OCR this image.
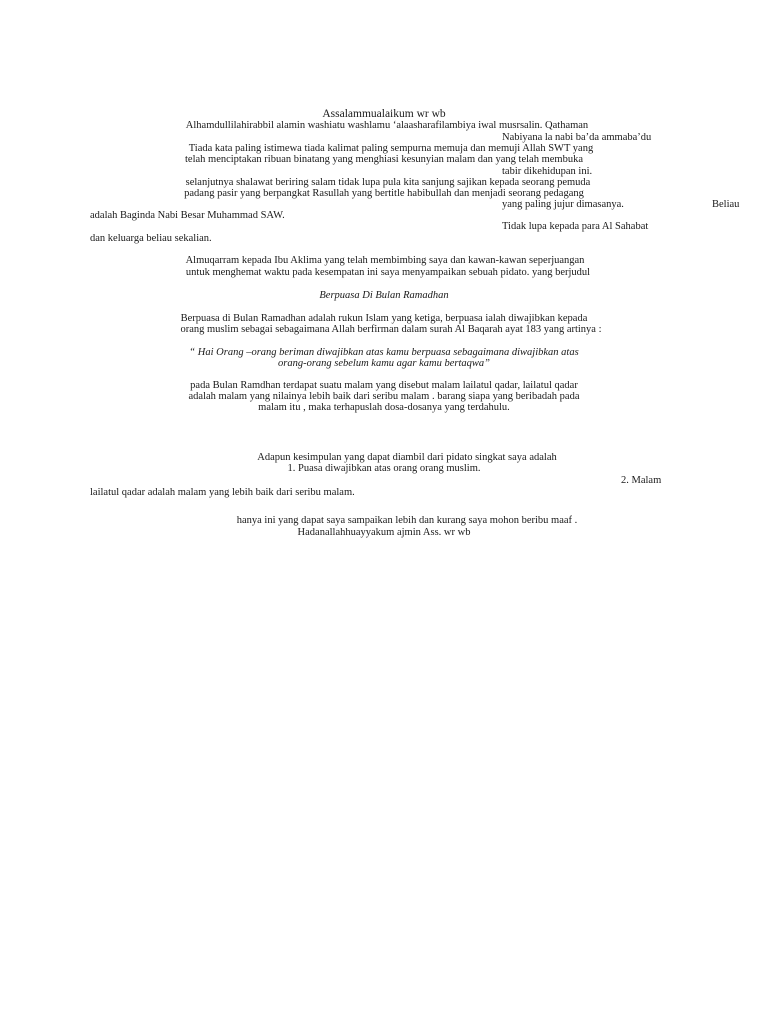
Assalammualaikum wr wb
Alhamdullilahirabbil alamin washiatu washlamu ‘alaasharafilambiya iwal musrsalin. Qathaman
Nabiyana la nabi ba’da ammaba’du
Tiada kata paling istimewa tiada kalimat paling sempurna memuja dan memuji Allah SWT yang
telah menciptakan ribuan binatang yang menghiasi kesunyian malam dan yang telah membuka
tabir dikehidupan ini.
selanjutnya shalawat beriring salam tidak lupa pula kita sanjung sajikan kepada seorang pemuda
padang pasir yang berpangkat Rasullah yang bertitle habibullah dan menjadi seorang pedagang
yang paling jujur dimasanya.	Beliau
adalah Baginda Nabi Besar Muhammad SAW.
Tidak lupa kepada para Al Sahabat
dan keluarga beliau sekalian.
Almuqarram kepada Ibu Aklima yang telah membimbing saya dan kawan-kawan seperjuangan
untuk menghemat waktu pada kesempatan ini saya menyampaikan sebuah pidato. yang berjudul
Berpuasa Di Bulan Ramadhan
Berpuasa di Bulan Ramadhan adalah rukun Islam yang ketiga, berpuasa ialah diwajibkan kepada
orang muslim sebagai sebagaimana Allah berfirman dalam surah Al Baqarah ayat 183 yang artinya :
“ Hai Orang –orang beriman diwajibkan atas kamu berpuasa sebagaimana diwajibkan atas
orang-orang sebelum kamu agar kamu bertaqwa”
pada Bulan Ramdhan terdapat suatu malam yang disebut malam lailatul qadar, lailatul qadar
adalah malam yang nilainya lebih baik dari seribu malam . barang siapa yang beribadah pada
malam itu , maka terhapuslah dosa-dosanya yang terdahulu.
Adapun kesimpulan yang dapat diambil dari pidato singkat saya adalah
1. Puasa diwajibkan atas orang orang muslim.
2. Malam
lailatul qadar adalah malam yang lebih baik dari seribu malam.
hanya ini yang dapat saya sampaikan lebih dan kurang saya mohon beribu maaf .
Hadanallahhuayyakum ajmin Ass. wr wb
